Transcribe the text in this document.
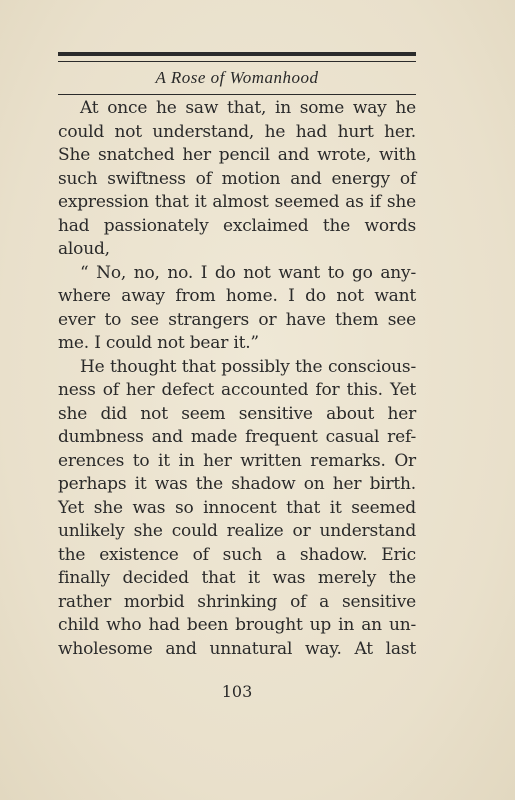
A Rose of Womanhood
At once he saw that, in some way he
could not understand, he had hurt her.
She snatched her pencil and wrote, with
such swiftness of motion and energy of
expression that it almost seemed as if she
had passionately exclaimed the words
aloud,
“ No, no, no. I do not want to go any-
where away from home. I do not want
ever to see strangers or have them see
me. I could not bear it.”
He thought that possibly the conscious-
ness of her defect accounted for this. Yet
she did not seem sensitive about her
dumbness and made frequent casual ref-
erences to it in her written remarks. Or
perhaps it was the shadow on her birth.
Yet she was so innocent that it seemed
unlikely she could realize or understand
the existence of such a shadow. Eric
finally decided that it was merely the
rather morbid shrinking of a sensitive
child who had been brought up in an un-
wholesome and unnatural way. At last
103
